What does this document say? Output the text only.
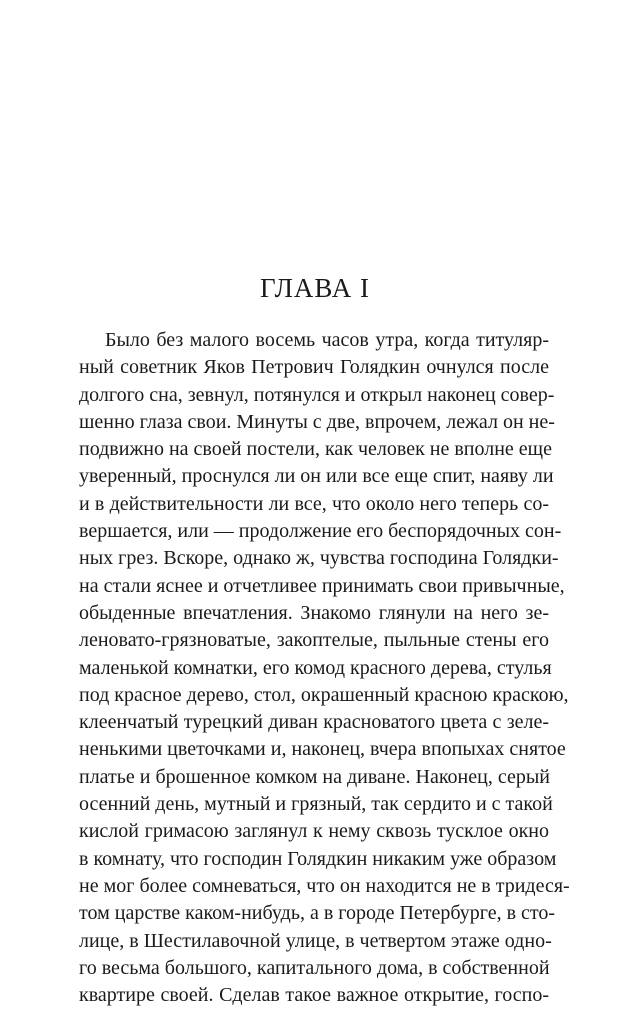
ГЛАВА I
Было без малого восемь часов утра, когда титуляр-
ный советник Яков Петрович Голядкин очнулся после
долгого сна, зевнул, потянулся и открыл наконец совер-
шенно глаза свои. Минуты с две, впрочем, лежал он не-
подвижно на своей постели, как человек не вполне еще
уверенный, проснулся ли он или все еще спит, наяву ли
и в действительности ли все, что около него теперь со-
вершается, или — продолжение его беспорядочных сон-
ных грез. Вскоре, однако ж, чувства господина Голядки-
на стали яснее и отчетливее принимать свои привычные,
обыденные впечатления. Знакомо глянули на него зе-
леновато-грязноватые, закоптелые, пыльные стены его
маленькой комнатки, его комод красного дерева, стулья
под красное дерево, стол, окрашенный красною краскою,
клеенчатый турецкий диван красноватого цвета с зеле-
ненькими цветочками и, наконец, вчера впопыхах снятое
платье и брошенное комком на диване. Наконец, серый
осенний день, мутный и грязный, так сердито и с такой
кислой гримасою заглянул к нему сквозь тусклое окно
в комнату, что господин Голядкин никаким уже образом
не мог более сомневаться, что он находится не в тридеся-
том царстве каком-нибудь, а в городе Петербурге, в сто-
лице, в Шестилавочной улице, в четвертом этаже одно-
го весьма большого, капитального дома, в собственной
квартире своей. Сделав такое важное открытие, госпо-
